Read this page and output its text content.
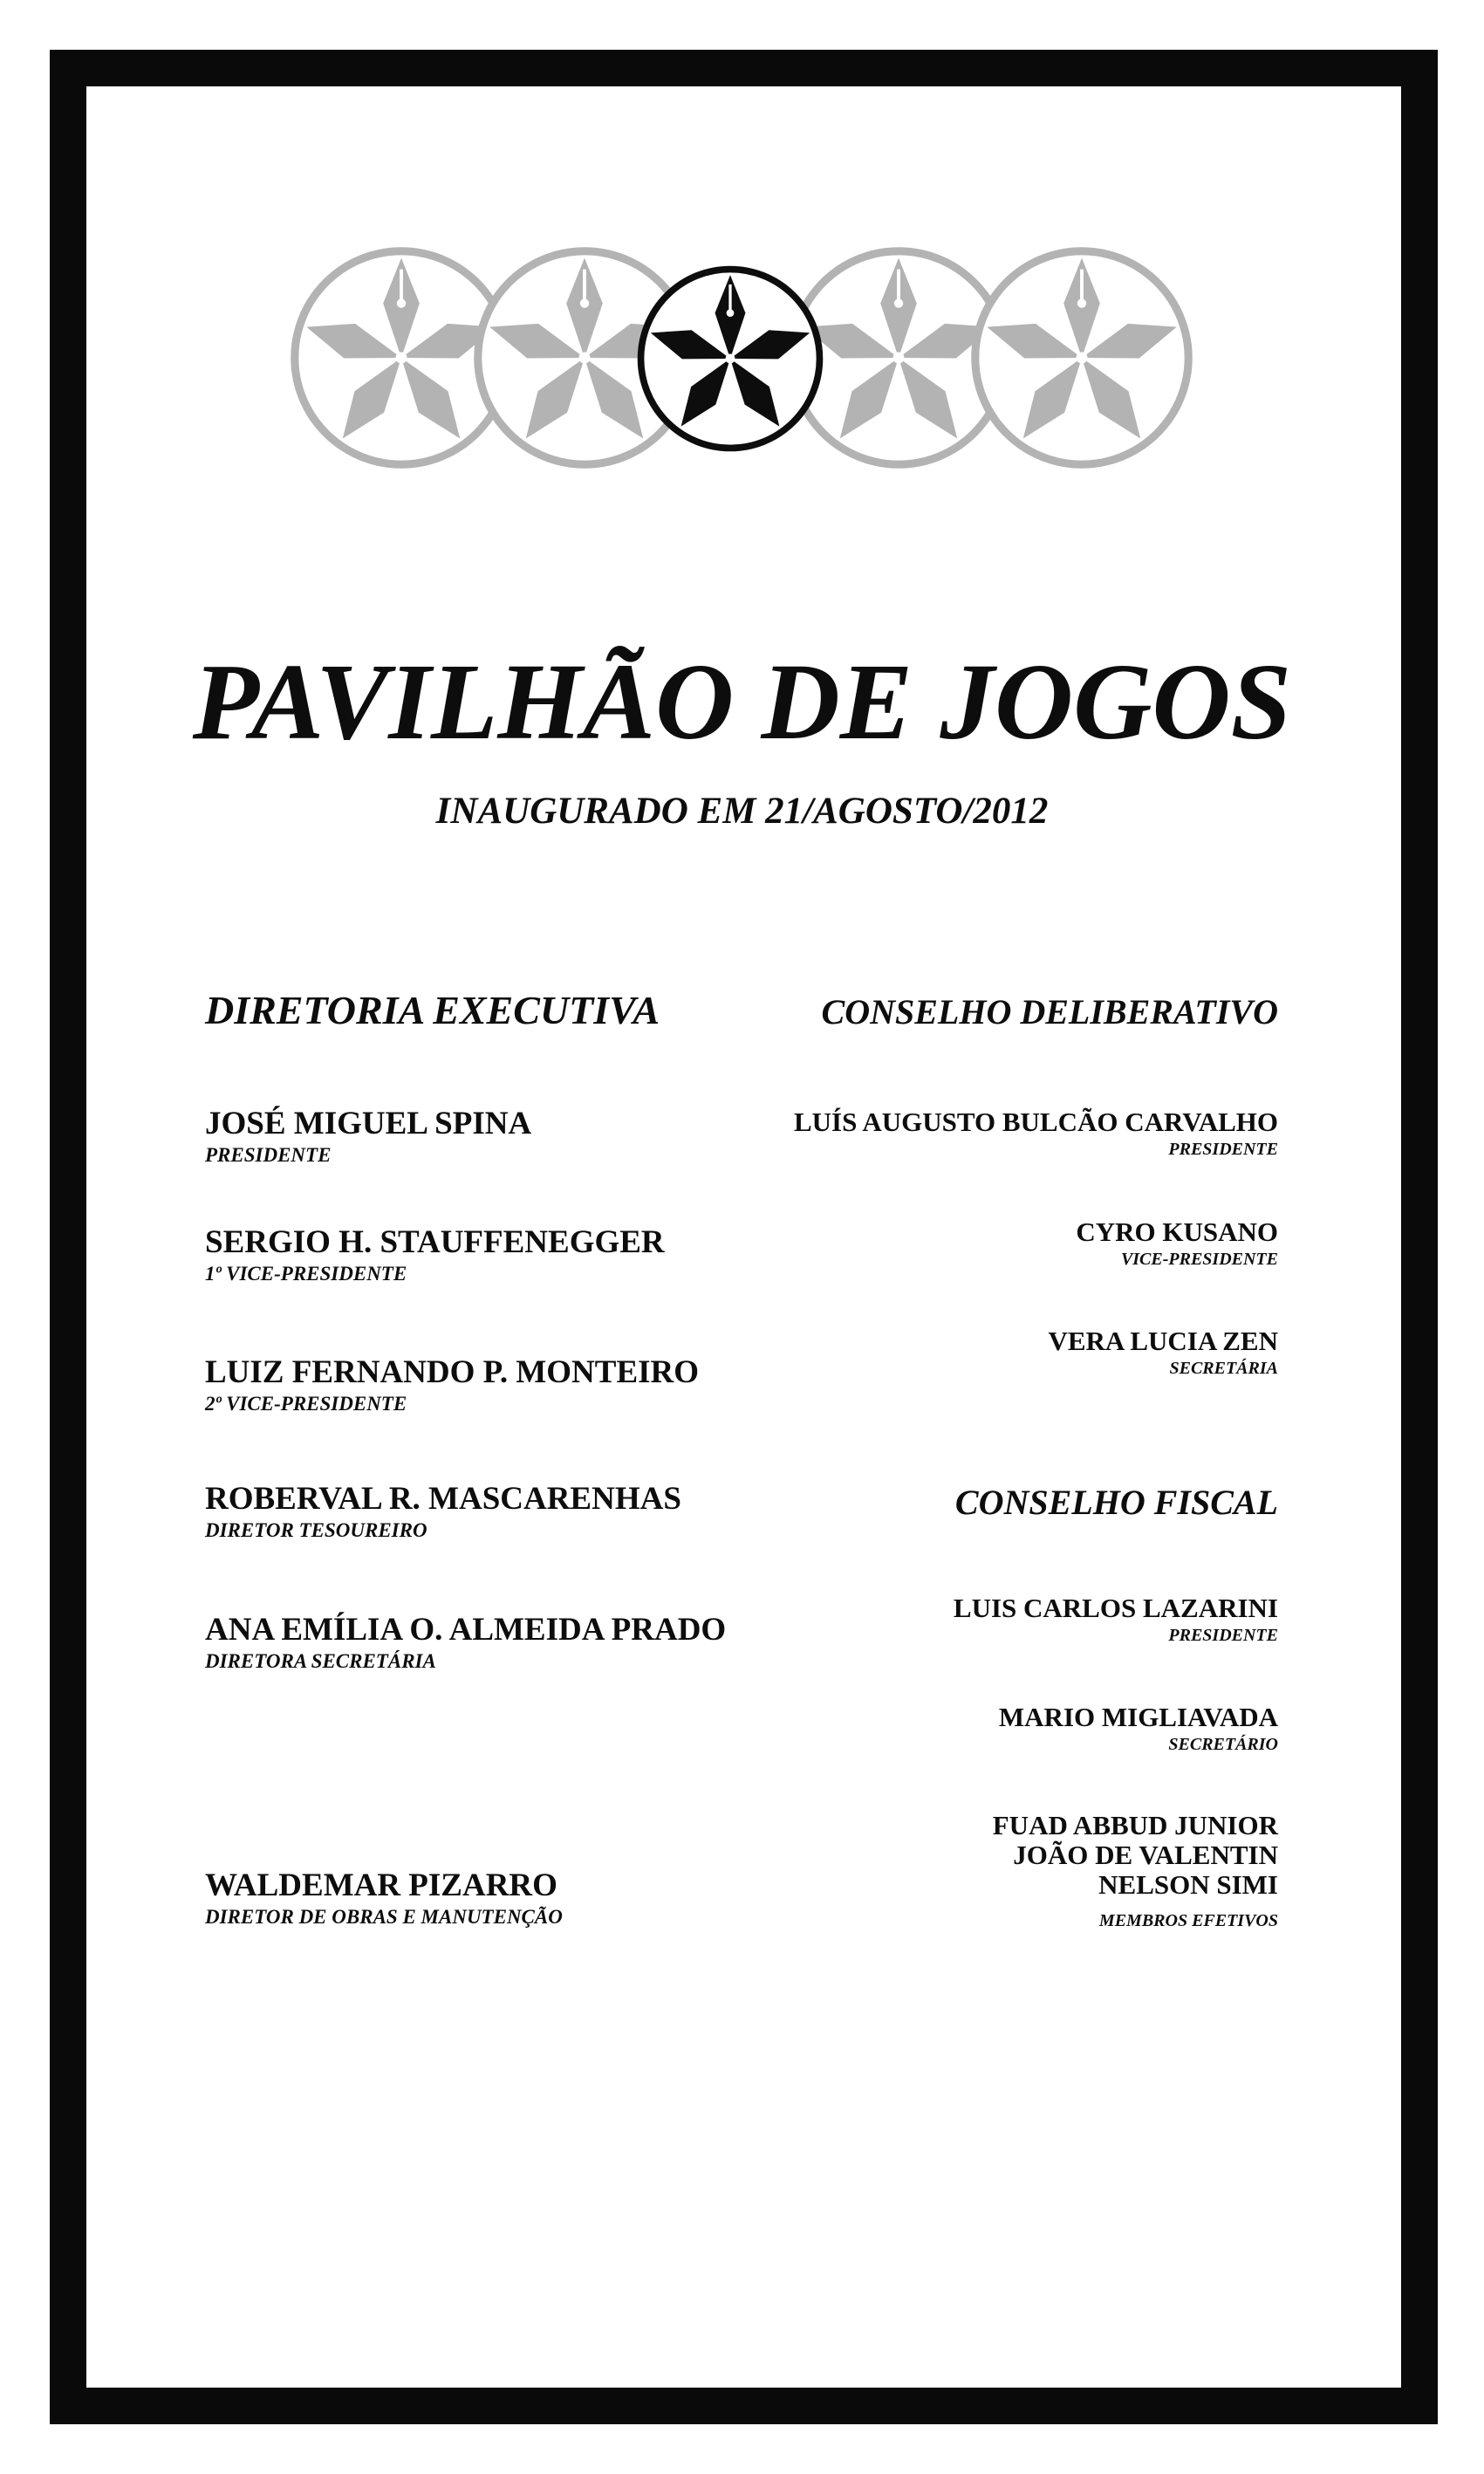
PAVILHÃO DE JOGOS
INAUGURADO EM 21/AGOSTO/2012
DIRETORIA EXECUTIVA
JOSÉ MIGUEL SPINA
PRESIDENTE
SERGIO H. STAUFFENEGGER
1º VICE-PRESIDENTE
LUIZ FERNANDO P. MONTEIRO
2º VICE-PRESIDENTE
ROBERVAL R. MASCARENHAS
DIRETOR TESOUREIRO
ANA EMÍLIA O. ALMEIDA PRADO
DIRETORA SECRETÁRIA
WALDEMAR PIZARRO
DIRETOR DE OBRAS E MANUTENÇÃO
CONSELHO DELIBERATIVO
LUÍS AUGUSTO BULCÃO CARVALHO
PRESIDENTE
CYRO KUSANO
VICE-PRESIDENTE
VERA LUCIA ZEN
SECRETÁRIA
CONSELHO FISCAL
LUIS CARLOS LAZARINI
PRESIDENTE
MARIO MIGLIAVADA
SECRETÁRIO
FUAD ABBUD JUNIOR
JOÃO DE VALENTIN
NELSON SIMI
MEMBROS EFETIVOS
